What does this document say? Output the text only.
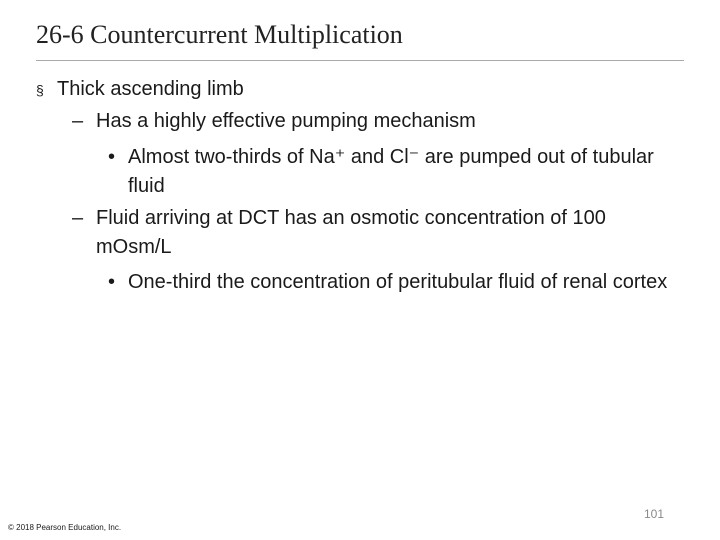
26-6 Countercurrent Multiplication
§ Thick ascending limb
– Has a highly effective pumping mechanism
• Almost two-thirds of Na⁺ and Cl⁻ are pumped out of tubular fluid
– Fluid arriving at DCT has an osmotic concentration of 100 mOsm/L
• One-third the concentration of peritubular fluid of renal cortex
101
© 2018 Pearson Education, Inc.
